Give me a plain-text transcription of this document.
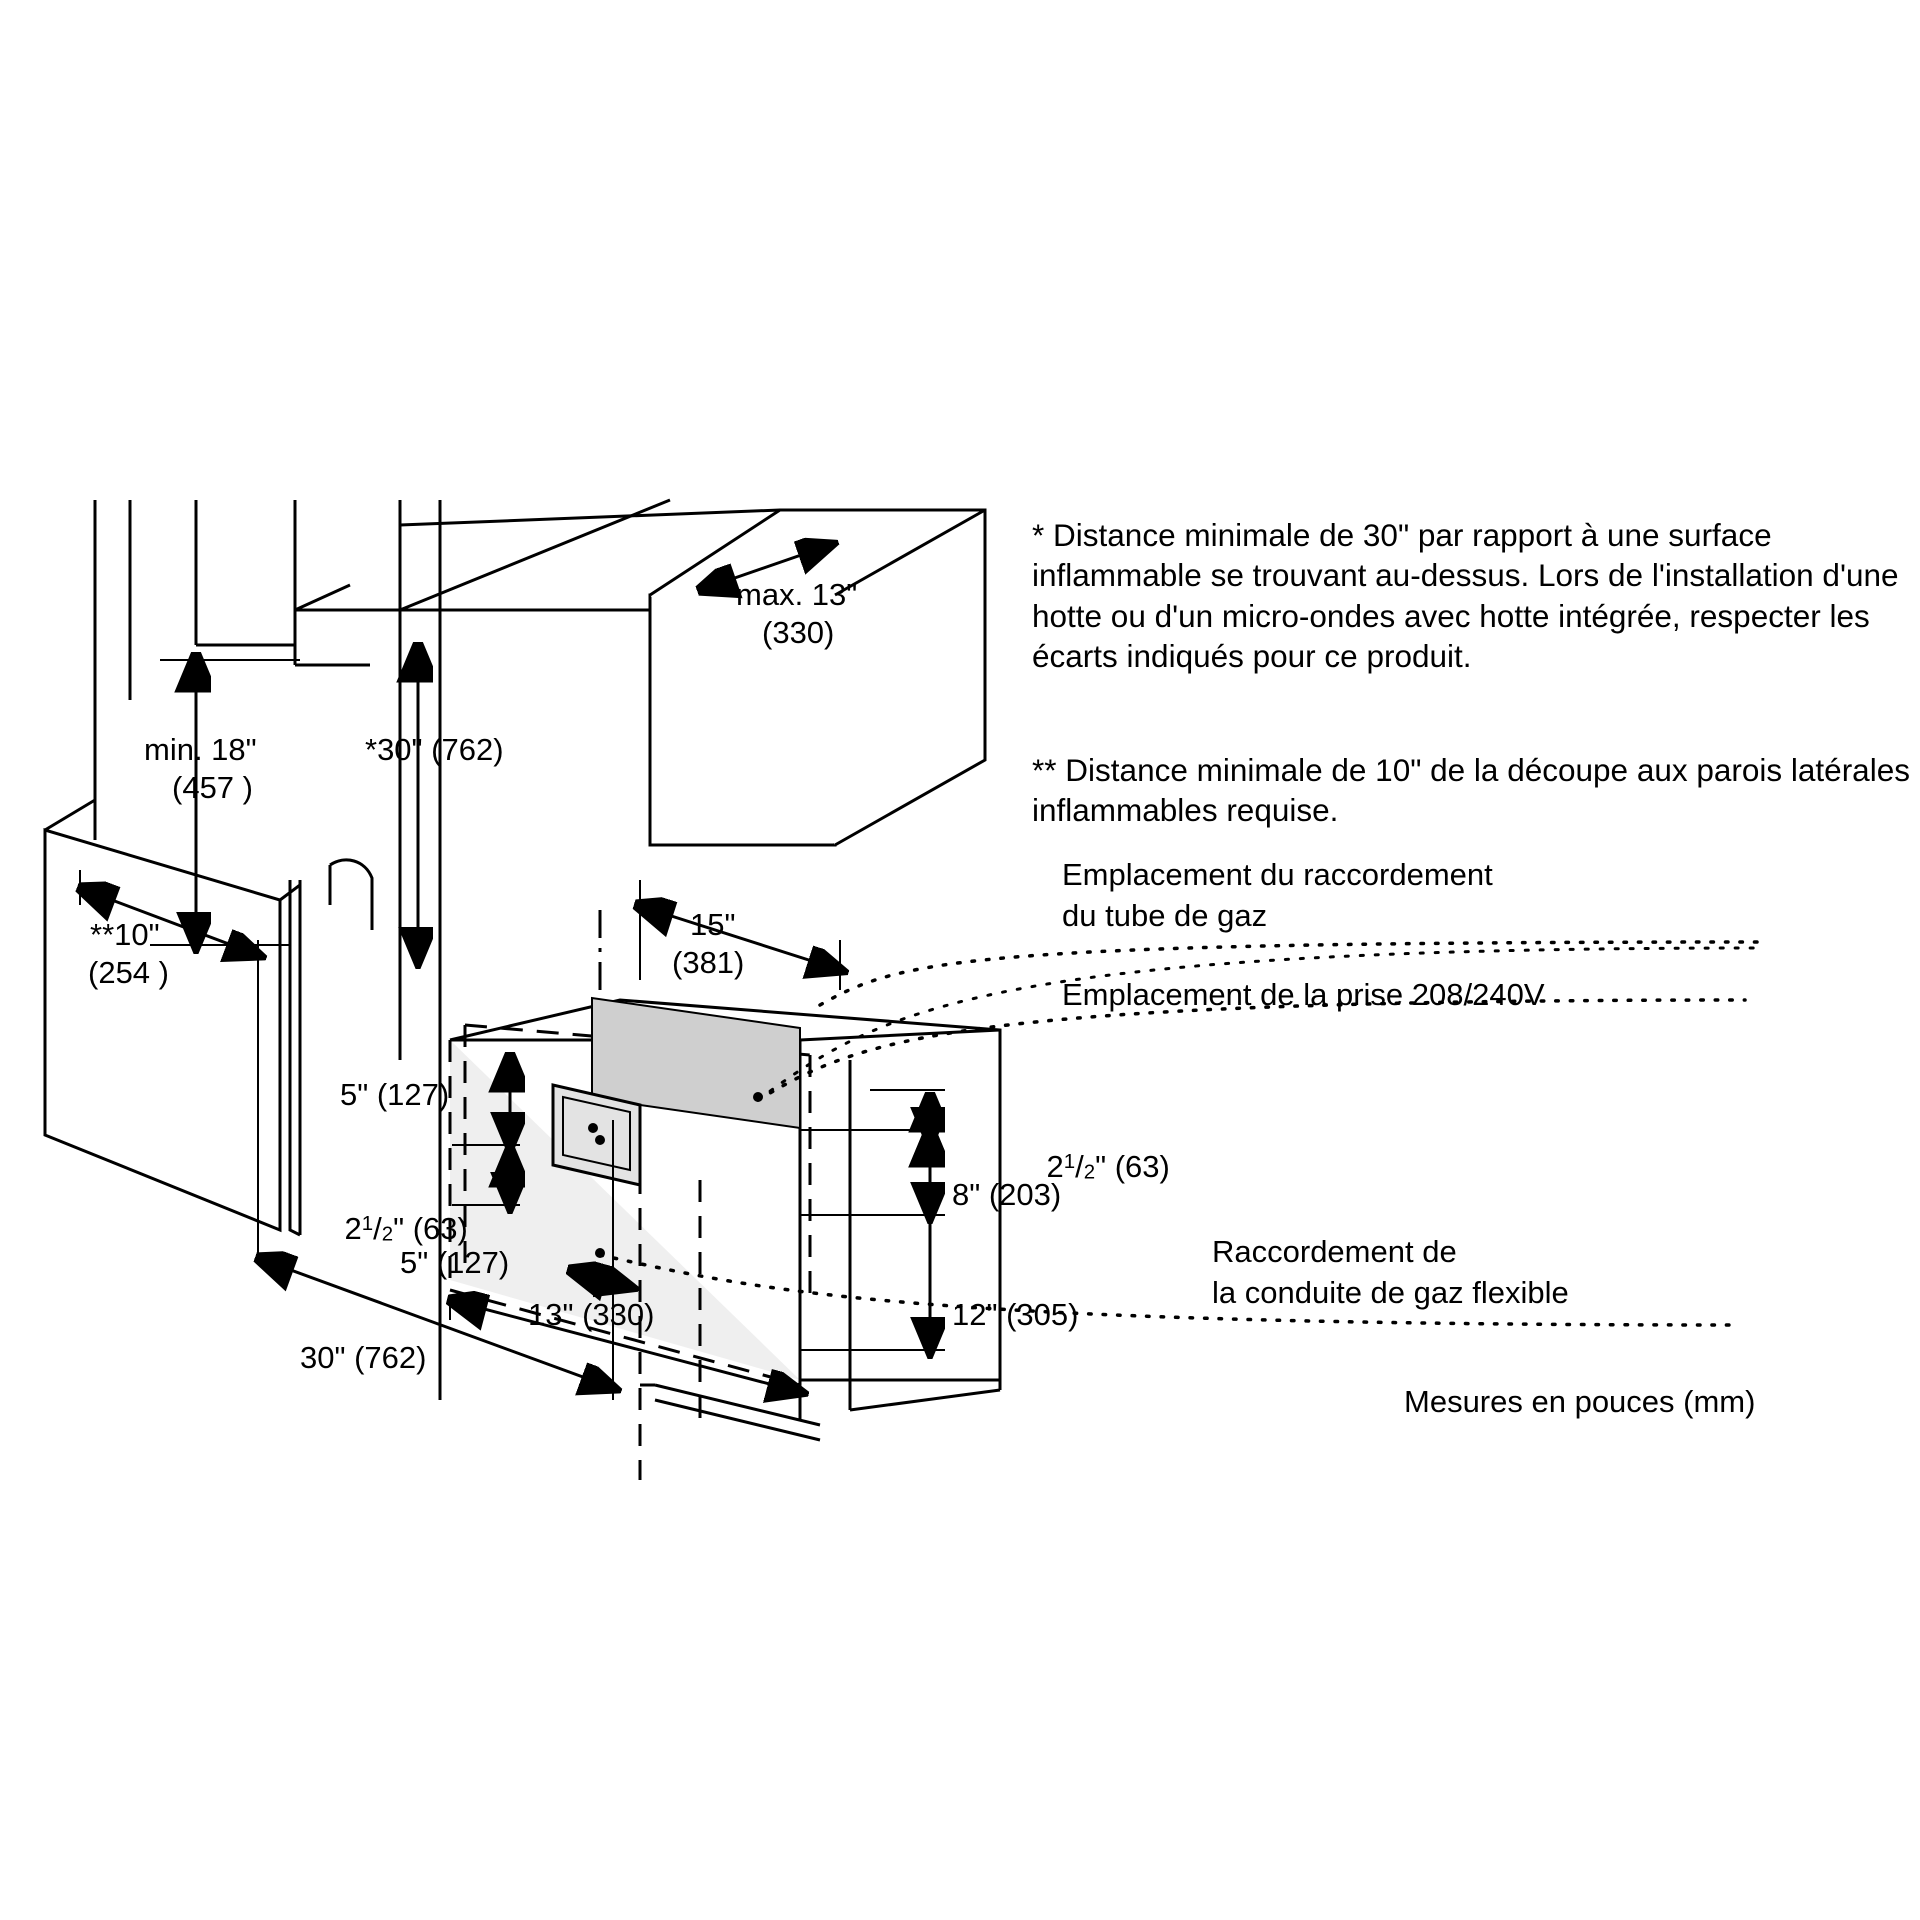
min. 18"
(457 )
*30" (762)
**10"
(254 )
max. 13"
(330)
15"
(381)
5" (127)

$2^1/_2$" (63)

5" (127)
13" (330)
30" (762)

$2^1/_2$" (63)

8" (203)
12" (305)
* Distance minimale de 30" par rapport à une surface inflammable se trouvant au-dessus. Lors de l'installation d'une hotte ou d'un micro-ondes avec hotte intégrée, respecter les écarts indiqués pour ce produit.
** Distance minimale de 10" de la découpe aux parois latérales inflammables requise.
Emplacement du raccordement
du tube de gaz
Emplacement de la prise 208/240V
Raccordement de
la conduite de gaz flexible
Mesures en pouces (mm)
